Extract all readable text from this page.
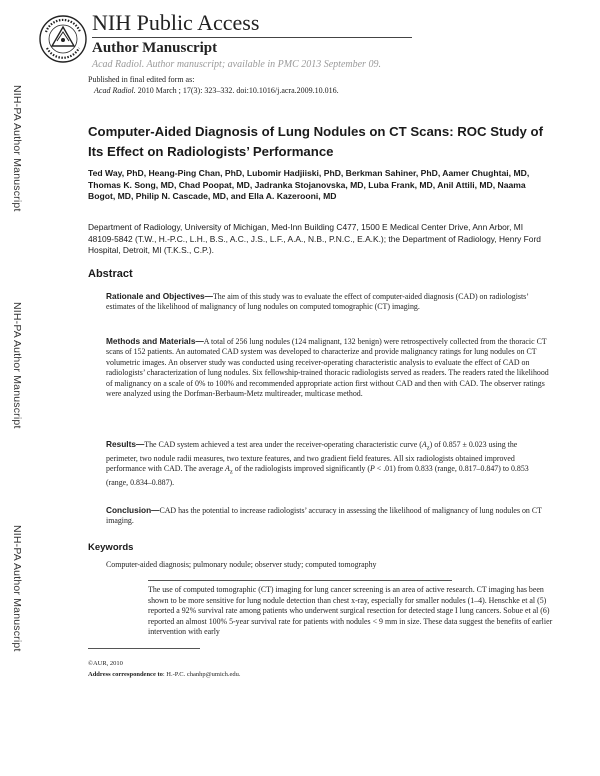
NIH Public Access
Author Manuscript
Acad Radiol. Author manuscript; available in PMC 2013 September 09.
Published in final edited form as:
Acad Radiol. 2010 March ; 17(3): 323–332. doi:10.1016/j.acra.2009.10.016.
NIH-PA Author Manuscript
NIH-PA Author Manuscript
NIH-PA Author Manuscript
Computer-Aided Diagnosis of Lung Nodules on CT Scans: ROC Study of Its Effect on Radiologists’ Performance
Ted Way, PhD, Heang-Ping Chan, PhD, Lubomir Hadjiiski, PhD, Berkman Sahiner, PhD, Aamer Chughtai, MD, Thomas K. Song, MD, Chad Poopat, MD, Jadranka Stojanovska, MD, Luba Frank, MD, Anil Attili, MD, Naama Bogot, MD, Philip N. Cascade, MD, and Ella A. Kazerooni, MD
Department of Radiology, University of Michigan, Med-Inn Building C477, 1500 E Medical Center Drive, Ann Arbor, MI 48109-5842 (T.W., H.-P.C., L.H., B.S., A.C., J.S., L.F., A.A., N.B., P.N.C., E.A.K.); the Department of Radiology, Henry Ford Hospital, Detroit, MI (T.K.S., C.P.).
Abstract
Rationale and Objectives—The aim of this study was to evaluate the effect of computer-aided diagnosis (CAD) on radiologists’ estimates of the likelihood of malignancy of lung nodules on computed tomographic (CT) imaging.
Methods and Materials—A total of 256 lung nodules (124 malignant, 132 benign) were retrospectively collected from the thoracic CT scans of 152 patients. An automated CAD system was developed to characterize and provide malignancy ratings for lung nodules on CT volumetric images. An observer study was conducted using receiver-operating characteristic analysis to evaluate the effect of CAD on radiologists’ characterization of lung nodules. Six fellowship-trained thoracic radiologists served as readers. The readers rated the likelihood of malignancy on a scale of 0% to 100% and recommended appropriate action first without CAD and then with CAD. The observer ratings were analyzed using the Dorfman-Berbaum-Metz multireader, multicase method.
Results—The CAD system achieved a test area under the receiver-operating characteristic curve $(A_z)$ of 0.857 ± 0.023 using the perimeter, two nodule radii measures, two texture features, and two gradient field features. All six radiologists obtained improved performance with CAD. The average $A_z$ of the radiologists improved significantly (P < .01) from 0.833 (range, 0.817–0.847) to 0.853 (range, 0.834–0.887).
Conclusion—CAD has the potential to increase radiologists’ accuracy in assessing the likelihood of malignancy of lung nodules on CT imaging.
Keywords
Computer-aided diagnosis; pulmonary nodule; observer study; computed tomography
The use of computed tomographic (CT) imaging for lung cancer screening is an area of active research. CT imaging has been shown to be more sensitive for lung nodule detection than chest x-ray, especially for smaller nodules (1–4). Henschke et al (5) reported a 92% survival rate among patients who underwent surgical resection for detected stage I lung cancers. Sobue et al (6) reported an almost 100% 5-year survival rate for patients with nodules < 9 mm in size. These data suggest the benefits of earlier intervention with early
©AUR, 2010
Address correspondence to: H.-P.C. chanhp@umich.edu.
